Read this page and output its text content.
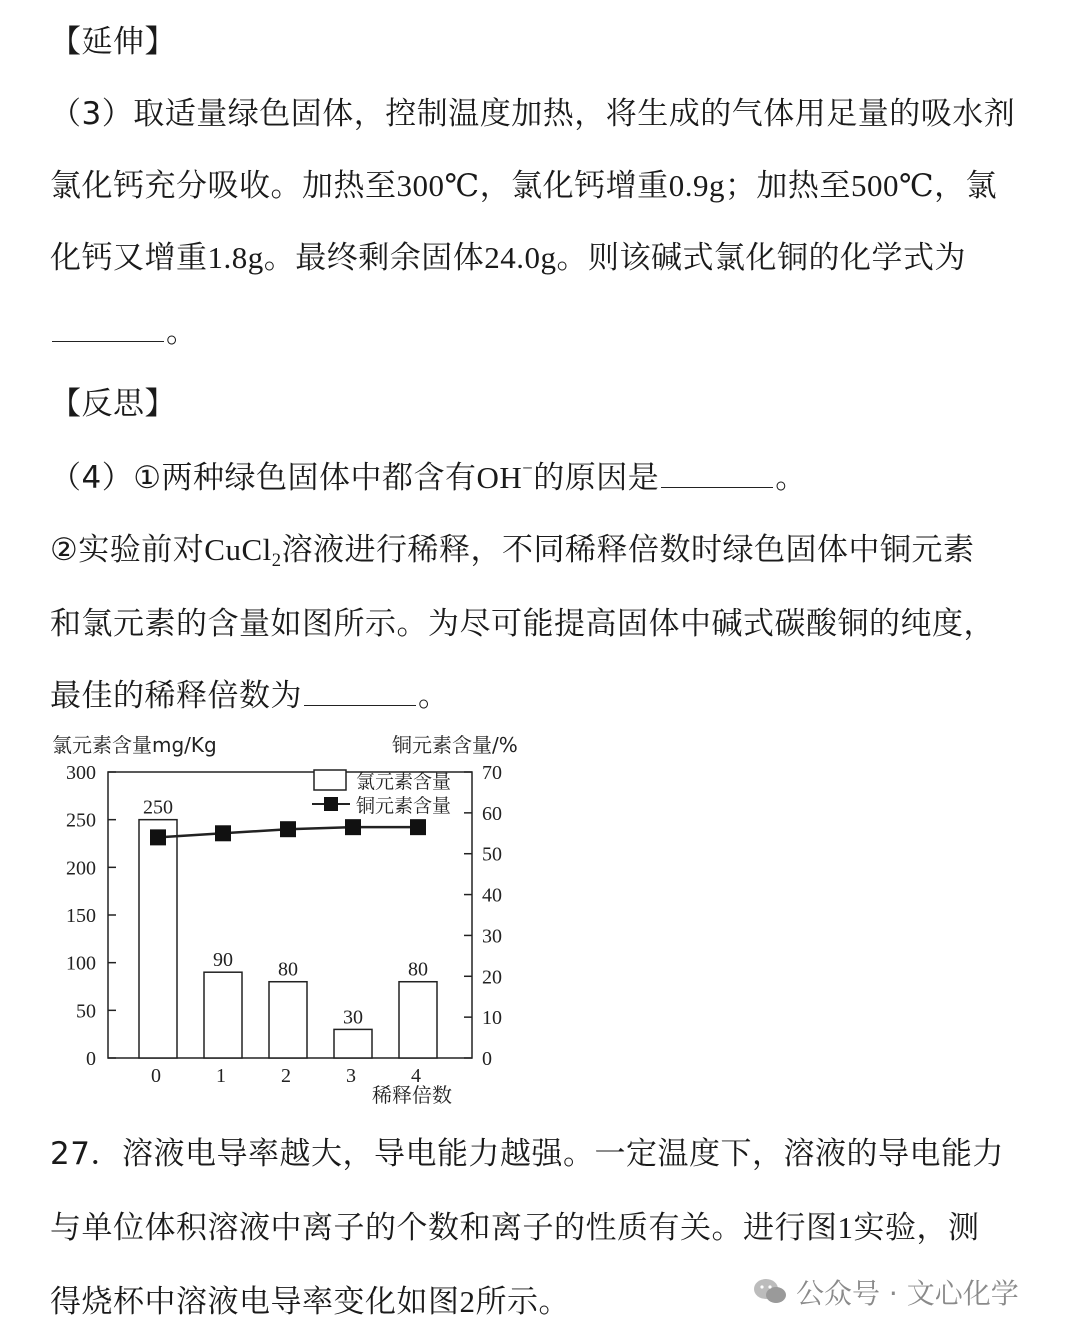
【延伸】
（3）取适量绿色固体，控制温度加热，将生成的气体用足量的吸水剂
氯化钙充分吸收。加热至300℃，氯化钙增重0.9g；加热至500℃，氯
化钙又增重1.8g。最终剩余固体24.0g。则该碱式氯化铜的化学式为
。
【反思】
（4）①两种绿色固体中都含有OH−的原因是	。
②实验前对CuCl$_2$溶液进行稀释，不同稀释倍数时绿色固体中铜元素
和氯元素的含量如图所示。为尽可能提高固体中碱式碳酸铜的纯度，
最佳的稀释倍数为	。
氯元素含量mg/Kg	铜元素含量/%
300
250
200
150
100
50
0
70
60
50
40
30
20
10
0
250
90 80
30
80
0	1	2	3	4
氯元素含量
铜元素含量
稀释倍数
27．溶液电导率越大，导电能力越强。一定温度下，溶液的导电能力
与单位体积溶液中离子的个数和离子的性质有关。进行图1实验，测
得烧杯中溶液电导率变化如图2所示。	公众号 · 文心化学
